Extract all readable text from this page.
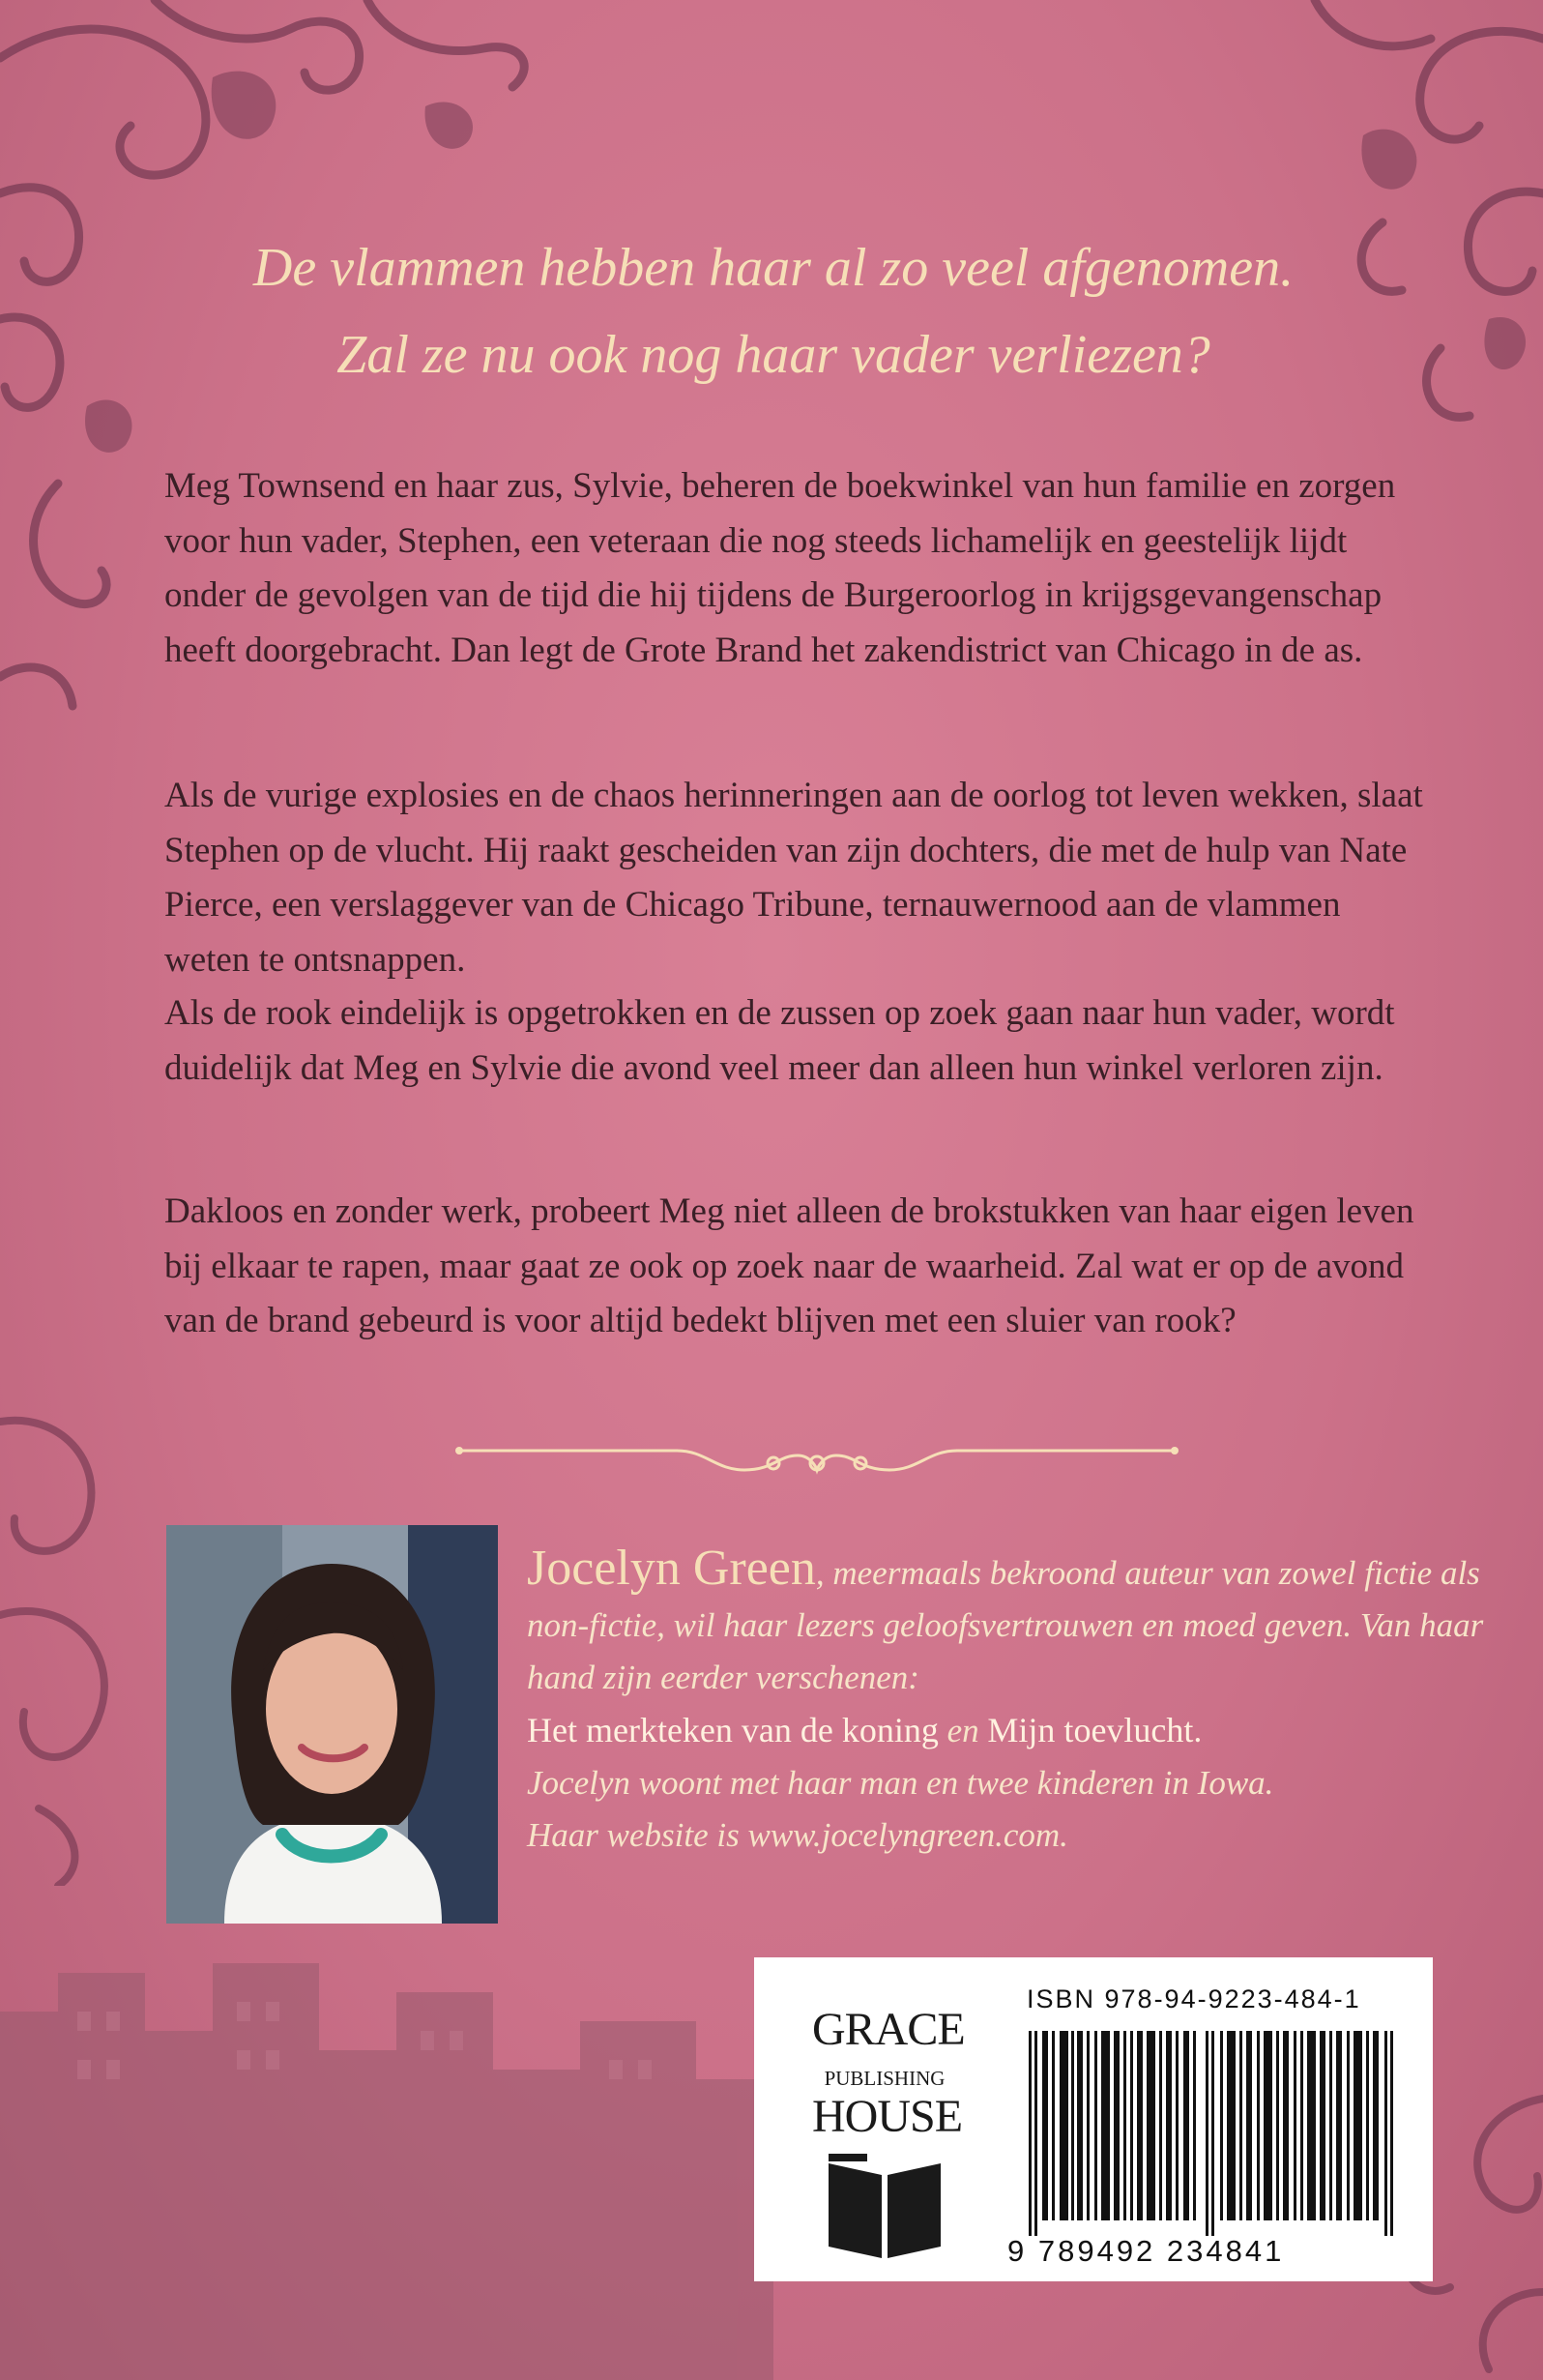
De vlammen hebben haar al zo veel afgenomen.
Zal ze nu ook nog haar vader verliezen?

Meg Townsend en haar zus, Sylvie, beheren de boekwinkel van hun familie en zorgen voor hun vader, Stephen, een veteraan die nog steeds lichamelijk en geestelijk lijdt onder de gevolgen van de tijd die hij tijdens de Burgeroorlog in krijgsgevangenschap heeft doorgebracht. Dan legt de Grote Brand het zakendistrict van Chicago in de as.

Als de vurige explosies en de chaos herinneringen aan de oorlog tot leven wekken, slaat Stephen op de vlucht. Hij raakt gescheiden van zijn dochters, die met de hulp van Nate Pierce, een verslaggever van de Chicago Tribune, ternauwernood aan de vlammen weten te ontsnappen.

Als de rook eindelijk is opgetrokken en de zussen op zoek gaan naar hun vader, wordt duidelijk dat Meg en Sylvie die avond veel meer dan alleen hun winkel verloren zijn.

Dakloos en zonder werk, probeert Meg niet alleen de brokstukken van haar eigen leven bij elkaar te rapen, maar gaat ze ook op zoek naar de waarheid. Zal wat er op de avond van de brand gebeurd is voor altijd bedekt blijven met een sluier van rook?

Jocelyn Green, meermaals bekroond auteur van zowel fictie als non-fictie, wil haar lezers geloofsvertrouwen en moed geven. Van haar hand zijn eerder verschenen:
Het merkteken van de koning en Mijn toevlucht.
Jocelyn woont met haar man en twee kinderen in Iowa.
Haar website is www.jocelyngreen.com.
GRACE
PUBLISHING
HOUSE
ISBN 978-94-9223-484-1
9 789492 234841
